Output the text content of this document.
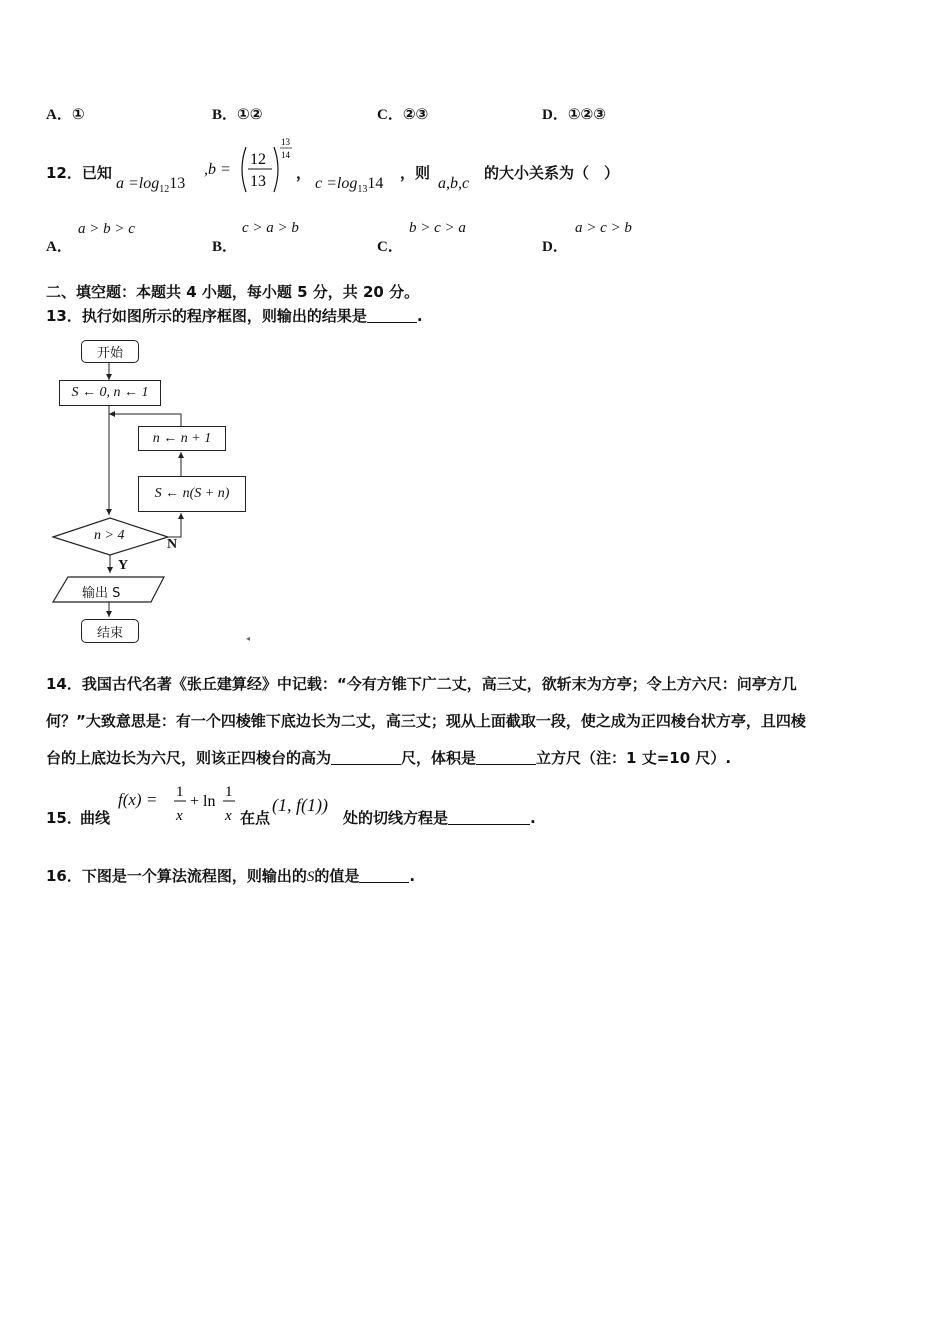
A．①	B．①②	C．②③	D．①②③
12．已知
$a =\log_{12}13$
,b =
12
13
13
14
，
$c =\log_{13}14$
，则
a,b,c
的大小关系为（　）
A．
a > b > c
B．
c > a > b
C．
b > c > a
D．
a > c > b
二、填空题：本题共 4 小题，每小题 5 分，共 20 分。
13．执行如图所示的程序框图，则输出的结果是	.
开始
S ← 0, n ← 1
n ← n + 1
S ← n(S + n)
n > 4
N
Y
输出 S
结束	◂
14．我国古代名著《张丘建算经》中记载：“今有方锥下广二丈，高三丈，欲斩末为方亭；令上方六尺：问亭方几
何？”大致意思是：有一个四棱锥下底边长为二丈，高三丈；现从上面截取一段，使之成为正四棱台状方亭，且四棱
台的上底边长为六尺，则该正四棱台的高为	尺，体积是	立方尺（注：1 丈=10 尺）.
15．
曲线
f(x) = 1
x
+ ln
1
x 在点
(1, f(1))
处的切线方程是	.
16．下图是一个算法流程图，则输出的S的值是	.
